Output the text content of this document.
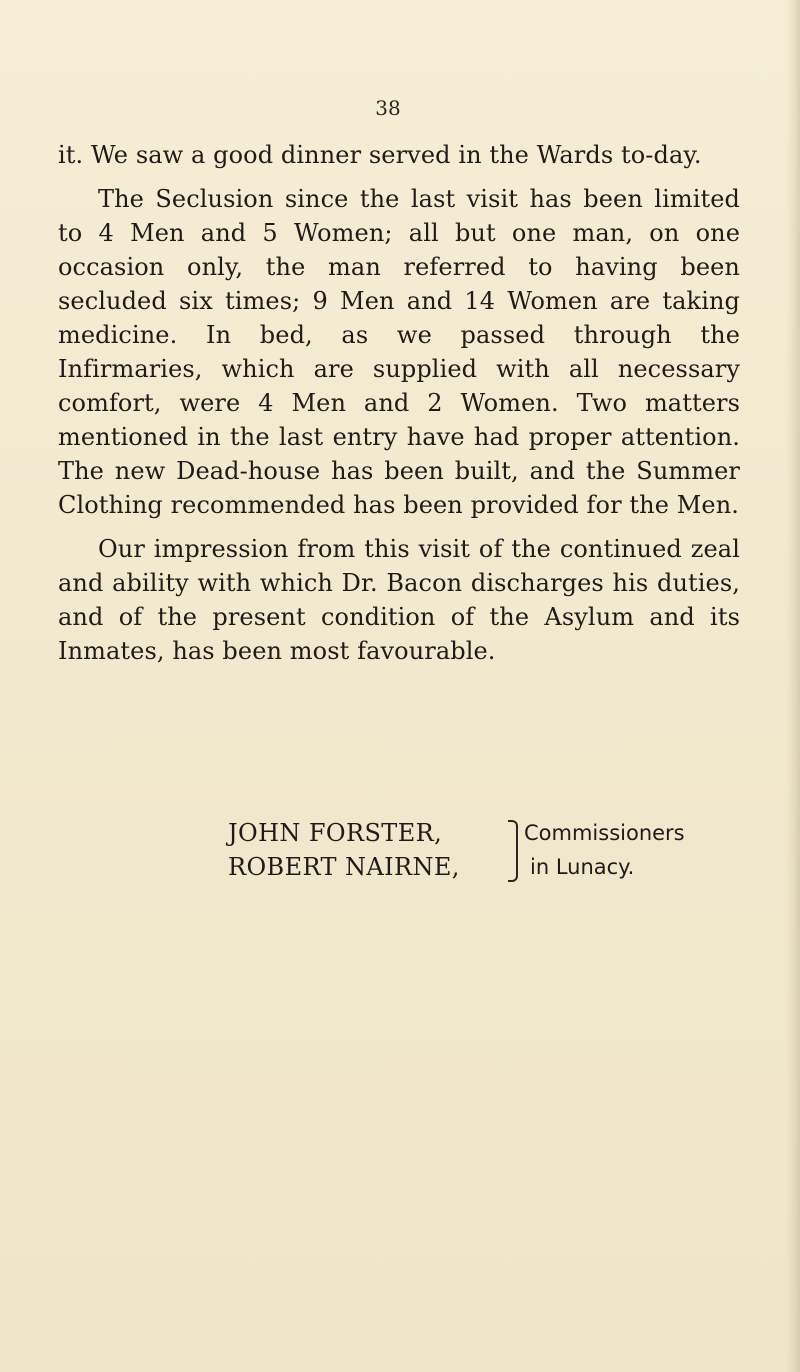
38

it. We saw a good dinner served in the Wards to-day.

The Seclusion since the last visit has been limited to 4 Men and 5 Women; all but one man, on one occasion only, the man referred to having been secluded six times; 9 Men and 14 Women are taking medicine. In bed, as we passed through the Infirmaries, which are supplied with all necessary comfort, were 4 Men and 2 Women. Two matters mentioned in the last entry have had proper attention. The new Dead-house has been built, and the Summer Clothing recommended has been provided for the Men.

Our impression from this visit of the continued zeal and ability with which Dr. Bacon discharges his duties, and of the present condition of the Asylum and its Inmates, has been most favourable.

JOHN FORSTER,
ROBERT NAIRNE,
Commissioners
in Lunacy.
